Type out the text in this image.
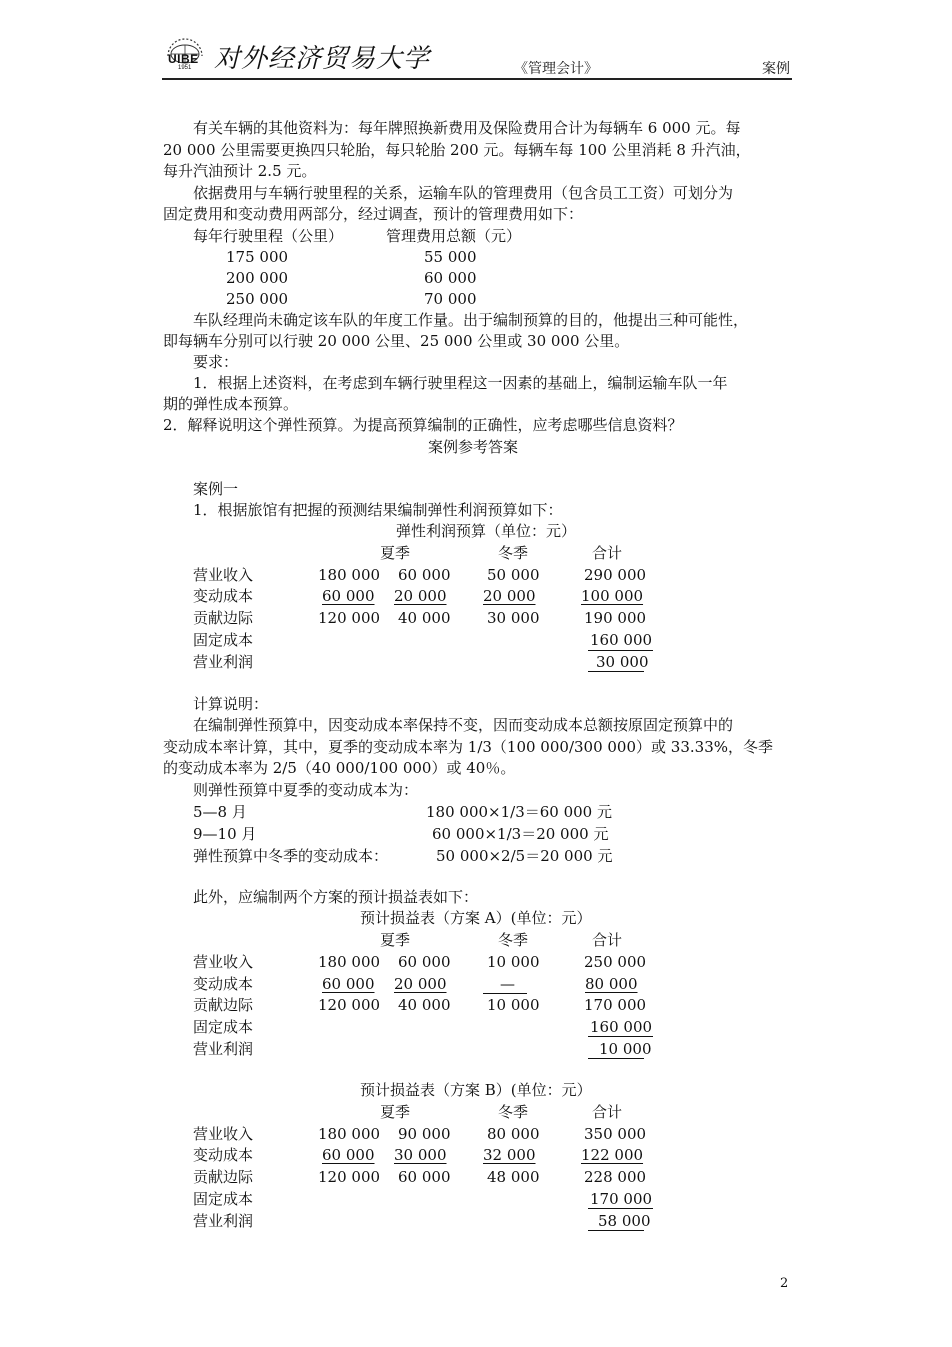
UIBE
1951 对外经济贸易大学	《管理会计》	案例
有关车辆的其他资料为：每年牌照换新费用及保险费用合计为每辆车 6 000 元。每
20 000 公里需要更换四只轮胎，每只轮胎 200 元。每辆车每 100 公里消耗 8 升汽油，
每升汽油预计 2.5 元。
依据费用与车辆行驶里程的关系，运输车队的管理费用（包含员工工资）可划分为
固定费用和变动费用两部分，经过调查，预计的管理费用如下：
每年行驶里程（公里）	管理费用总额（元）
175 000	55 000
200 000	60 000
250 000	70 000
车队经理尚未确定该车队的年度工作量。出于编制预算的目的，他提出三种可能性，
即每辆车分别可以行驶 20 000 公里、25 000 公里或 30 000 公里。
要求：
1．根据上述资料，在考虑到车辆行驶里程这一因素的基础上，编制运输车队一年
期的弹性成本预算。
2．解释说明这个弹性预算。为提高预算编制的正确性，应考虑哪些信息资料？
案例参考答案
案例一
1．根据旅馆有把握的预测结果编制弹性利润预算如下：
弹性利润预算（单位：元）
夏季	冬季	合计
营业收入	180 000 60 000 50 000	290 000
变动成本	60 000 20 000 20 000	100 000
贡献边际	120 000 40 000 30 000	190 000
固定成本	160 000
营业利润	30 000
计算说明：
在编制弹性预算中，因变动成本率保持不变，因而变动成本总额按原固定预算中的
变动成本率计算，其中，夏季的变动成本率为 1/3（100 000/300 000）或 33.33%，冬季
的变动成本率为 2/5（40 000/100 000）或 40％。
则弹性预算中夏季的变动成本为：
5—8 月	180 000×1/3＝60 000 元
9—10 月	60 000×1/3＝20 000 元
弹性预算中冬季的变动成本：	50 000×2/5＝20 000 元
此外，应编制两个方案的预计损益表如下：
预计损益表（方案 A）(单位：元）
夏季	冬季	合计
营业收入	180 000 60 000 10 000	250 000
变动成本	60 000 20 000	—	80 000
贡献边际	120 000 40 000 10 000	170 000
固定成本	160 000
营业利润	10 000
预计损益表（方案 B）(单位：元）
夏季	冬季	合计
营业收入	180 000 90 000 80 000	350 000
变动成本	60 000 30 000 32 000	122 000
贡献边际	120 000 60 000 48 000	228 000
固定成本	170 000
营业利润	58 000
2
